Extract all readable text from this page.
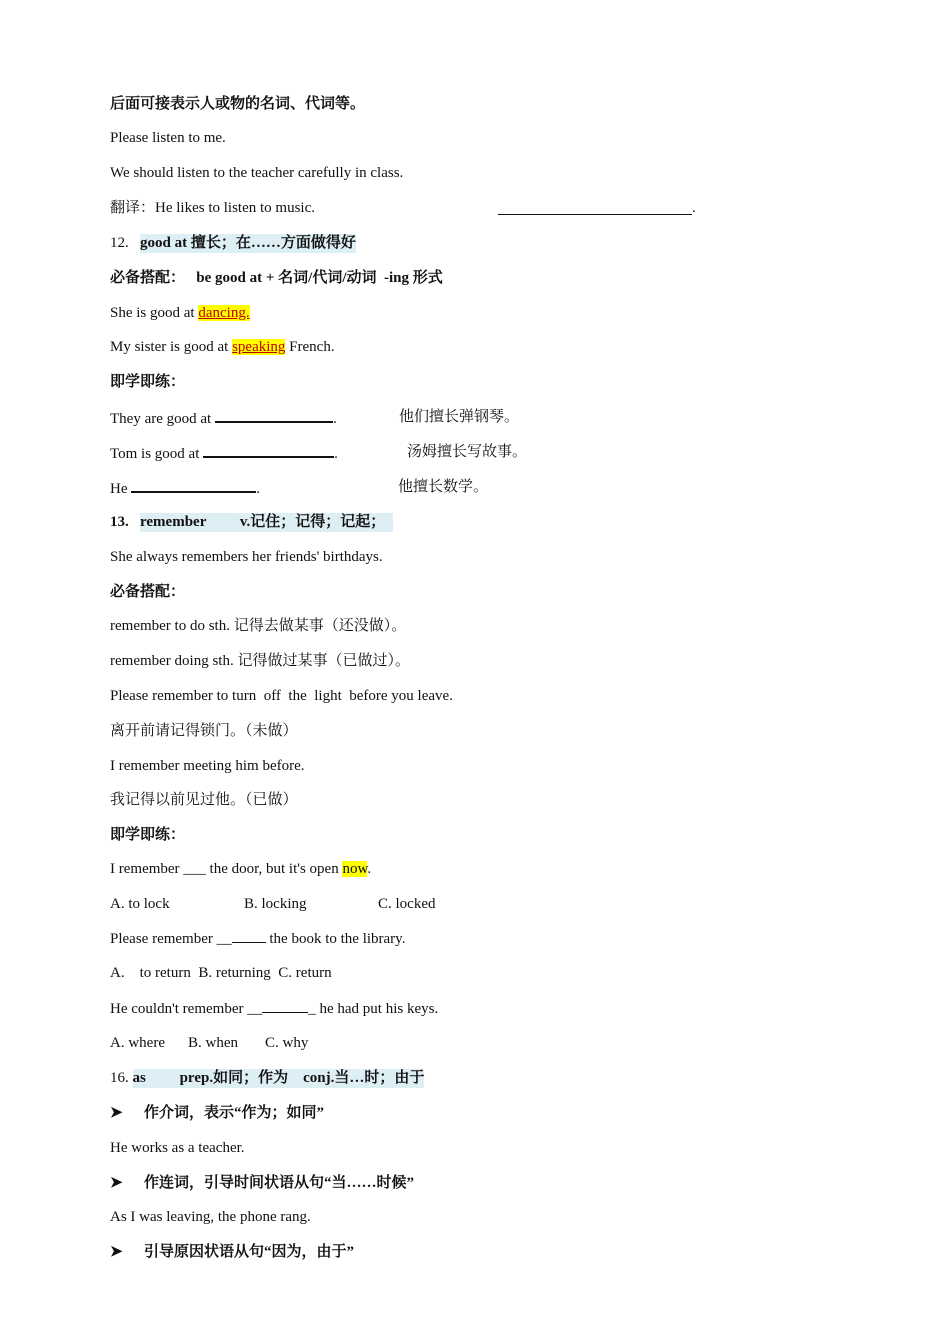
后面可接表示人或物的名词、代词等。
Please listen to me.
We should listen to the teacher carefully in class.
翻译：He likes to listen to music.	.
12. good at 擅长；在……方面做得好
必备搭配： be good at + 名词/代词/动词  -ing 形式
She is good at dancing.
My sister is good at speaking French.
即学即练：
They are good at	.	他们擅长弹钢琴。
Tom is good at	.	汤姆擅长写故事。
He	.	他擅长数学。
13. remember v.记住；记得；记起；
She always remembers her friends' birthdays.
必备搭配：
remember to do sth. 记得去做某事（还没做）。
remember doing sth. 记得做过某事（已做过）。
Please remember to turn  off  the  light  before you leave.
离开前请记得锁门。（未做）
I remember meeting him before.
我记得以前见过他。（已做）
即学即练：
I remember ___ the door, but it's open now.
A. to lock	B. locking	C. locked
Please remember __ the book to the library.
A.    to return  B. returning  C. return
He couldn't remember __	_ he had put his keys.
A. where B. when C. why
16. as prep.如同；作为    conj.当…时；由于
➤ 作介词，表示“作为；如同”
He works as a teacher.
➤ 作连词，引导时间状语从句“当……时候”
As I was leaving, the phone rang.
➤ 引导原因状语从句“因为，由于”
